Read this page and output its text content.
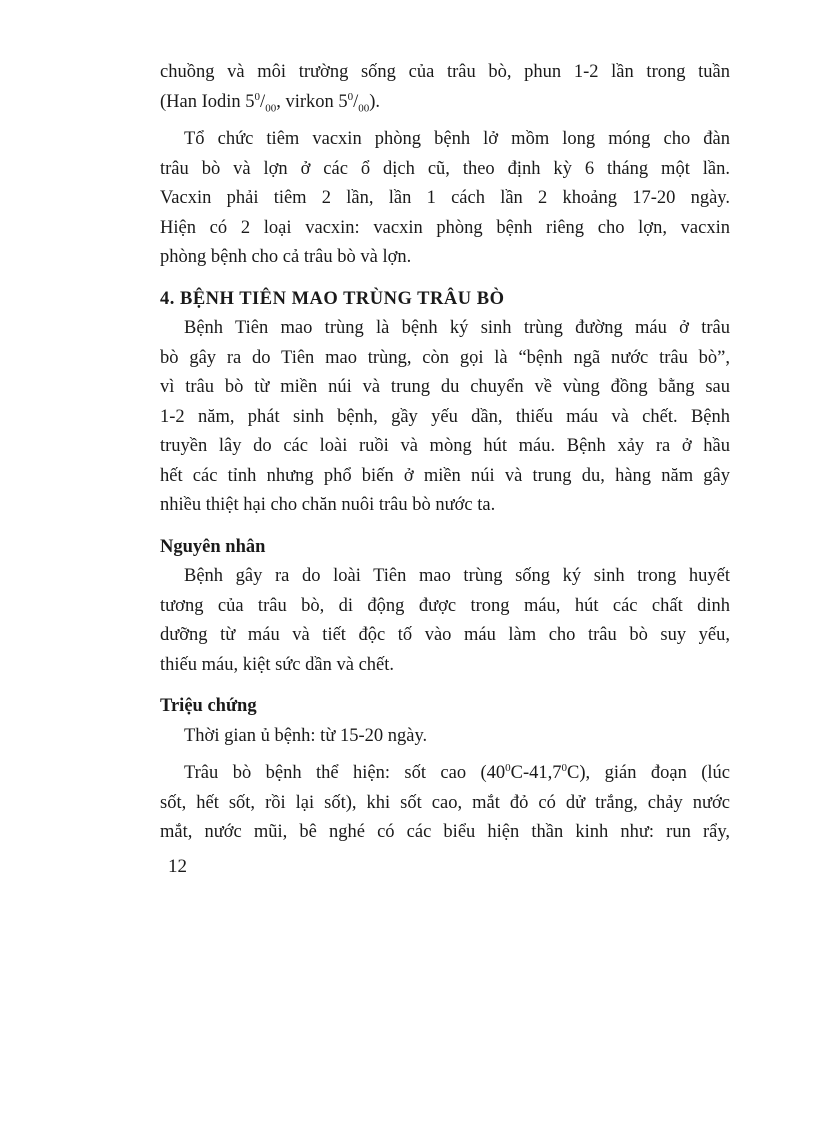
chuồng và môi trường sống của trâu bò, phun 1-2 lần trong tuần
(Han Iodin $5^0/_{00}$, virkon $5^0/_{00}$).
Tổ chức tiêm vacxin phòng bệnh lở mồm long móng cho đàn
trâu bò và lợn ở các ổ dịch cũ, theo định kỳ 6 tháng một lần.
Vacxin phải tiêm 2 lần, lần 1 cách lần 2 khoảng 17-20 ngày.
Hiện có 2 loại vacxin: vacxin phòng bệnh riêng cho lợn, vacxin
phòng bệnh cho cả trâu bò và lợn.
4. BỆNH TIÊN MAO TRÙNG TRÂU BÒ
Bệnh Tiên mao trùng là bệnh ký sinh trùng đường máu ở trâu
bò gây ra do Tiên mao trùng, còn gọi là “bệnh ngã nước trâu bò”,
vì trâu bò từ miền núi và trung du chuyển về vùng đồng bằng sau
1-2 năm, phát sinh bệnh, gầy yếu dần, thiếu máu và chết. Bệnh
truyền lây do các loài ruồi và mòng hút máu. Bệnh xảy ra ở hầu
hết các tỉnh nhưng phổ biến ở miền núi và trung du, hàng năm gây
nhiều thiệt hại cho chăn nuôi trâu bò nước ta.
Nguyên nhân
Bệnh gây ra do loài Tiên mao trùng sống ký sinh trong huyết
tương của trâu bò, di động được trong máu, hút các chất dinh
dưỡng từ máu và tiết độc tố vào máu làm cho trâu bò suy yếu,
thiếu máu, kiệt sức dần và chết.
Triệu chứng
Thời gian ủ bệnh: từ 15-20 ngày.
Trâu bò bệnh thể hiện: sốt cao $(40^0C-41,7^0C)$, gián đoạn (lúc
sốt, hết sốt, rồi lại sốt), khi sốt cao, mắt đỏ có dử trắng, chảy nước
mắt, nước mũi, bê nghé có các biểu hiện thần kinh như: run rẩy,
12
